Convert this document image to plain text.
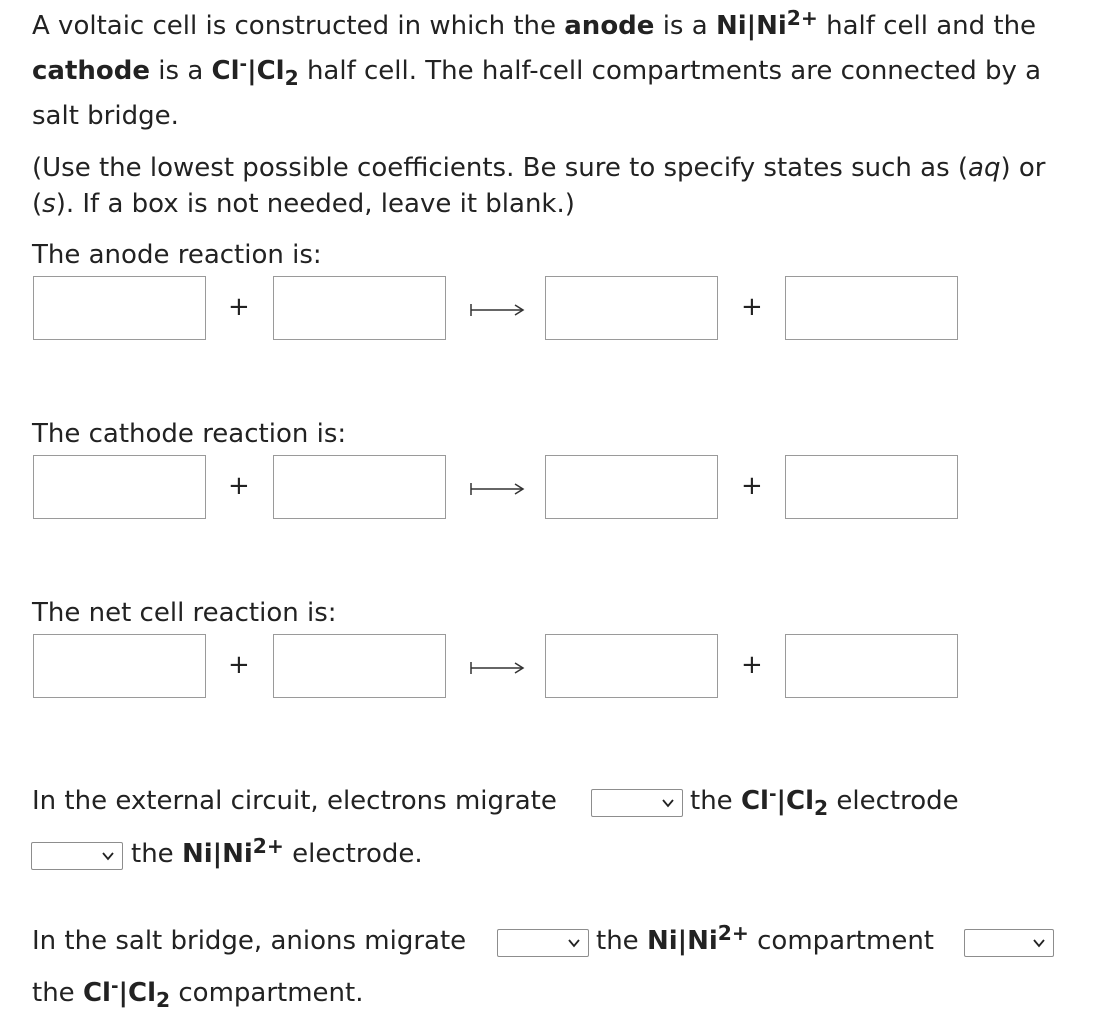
A voltaic cell is constructed in which the anode is a $Ni|Ni^{2+}$ half cell and the cathode is a $Cl^-|Cl_2$ half cell. The half-cell compartments are connected by a salt bridge.
(Use the lowest possible coefficients. Be sure to specify states such as (aq) or (s). If a box is not needed, leave it blank.)
The anode reaction is:
+	+
The cathode reaction is:
+	+
The net cell reaction is:
+	+
In the external circuit, electrons migrate	the $Cl^-|Cl_2$ electrode
the $Ni|Ni^{2+}$ electrode.
In the salt bridge, anions migrate	the $Ni|Ni^{2+}$ compartment
the $Cl^-|Cl_2$ compartment.
